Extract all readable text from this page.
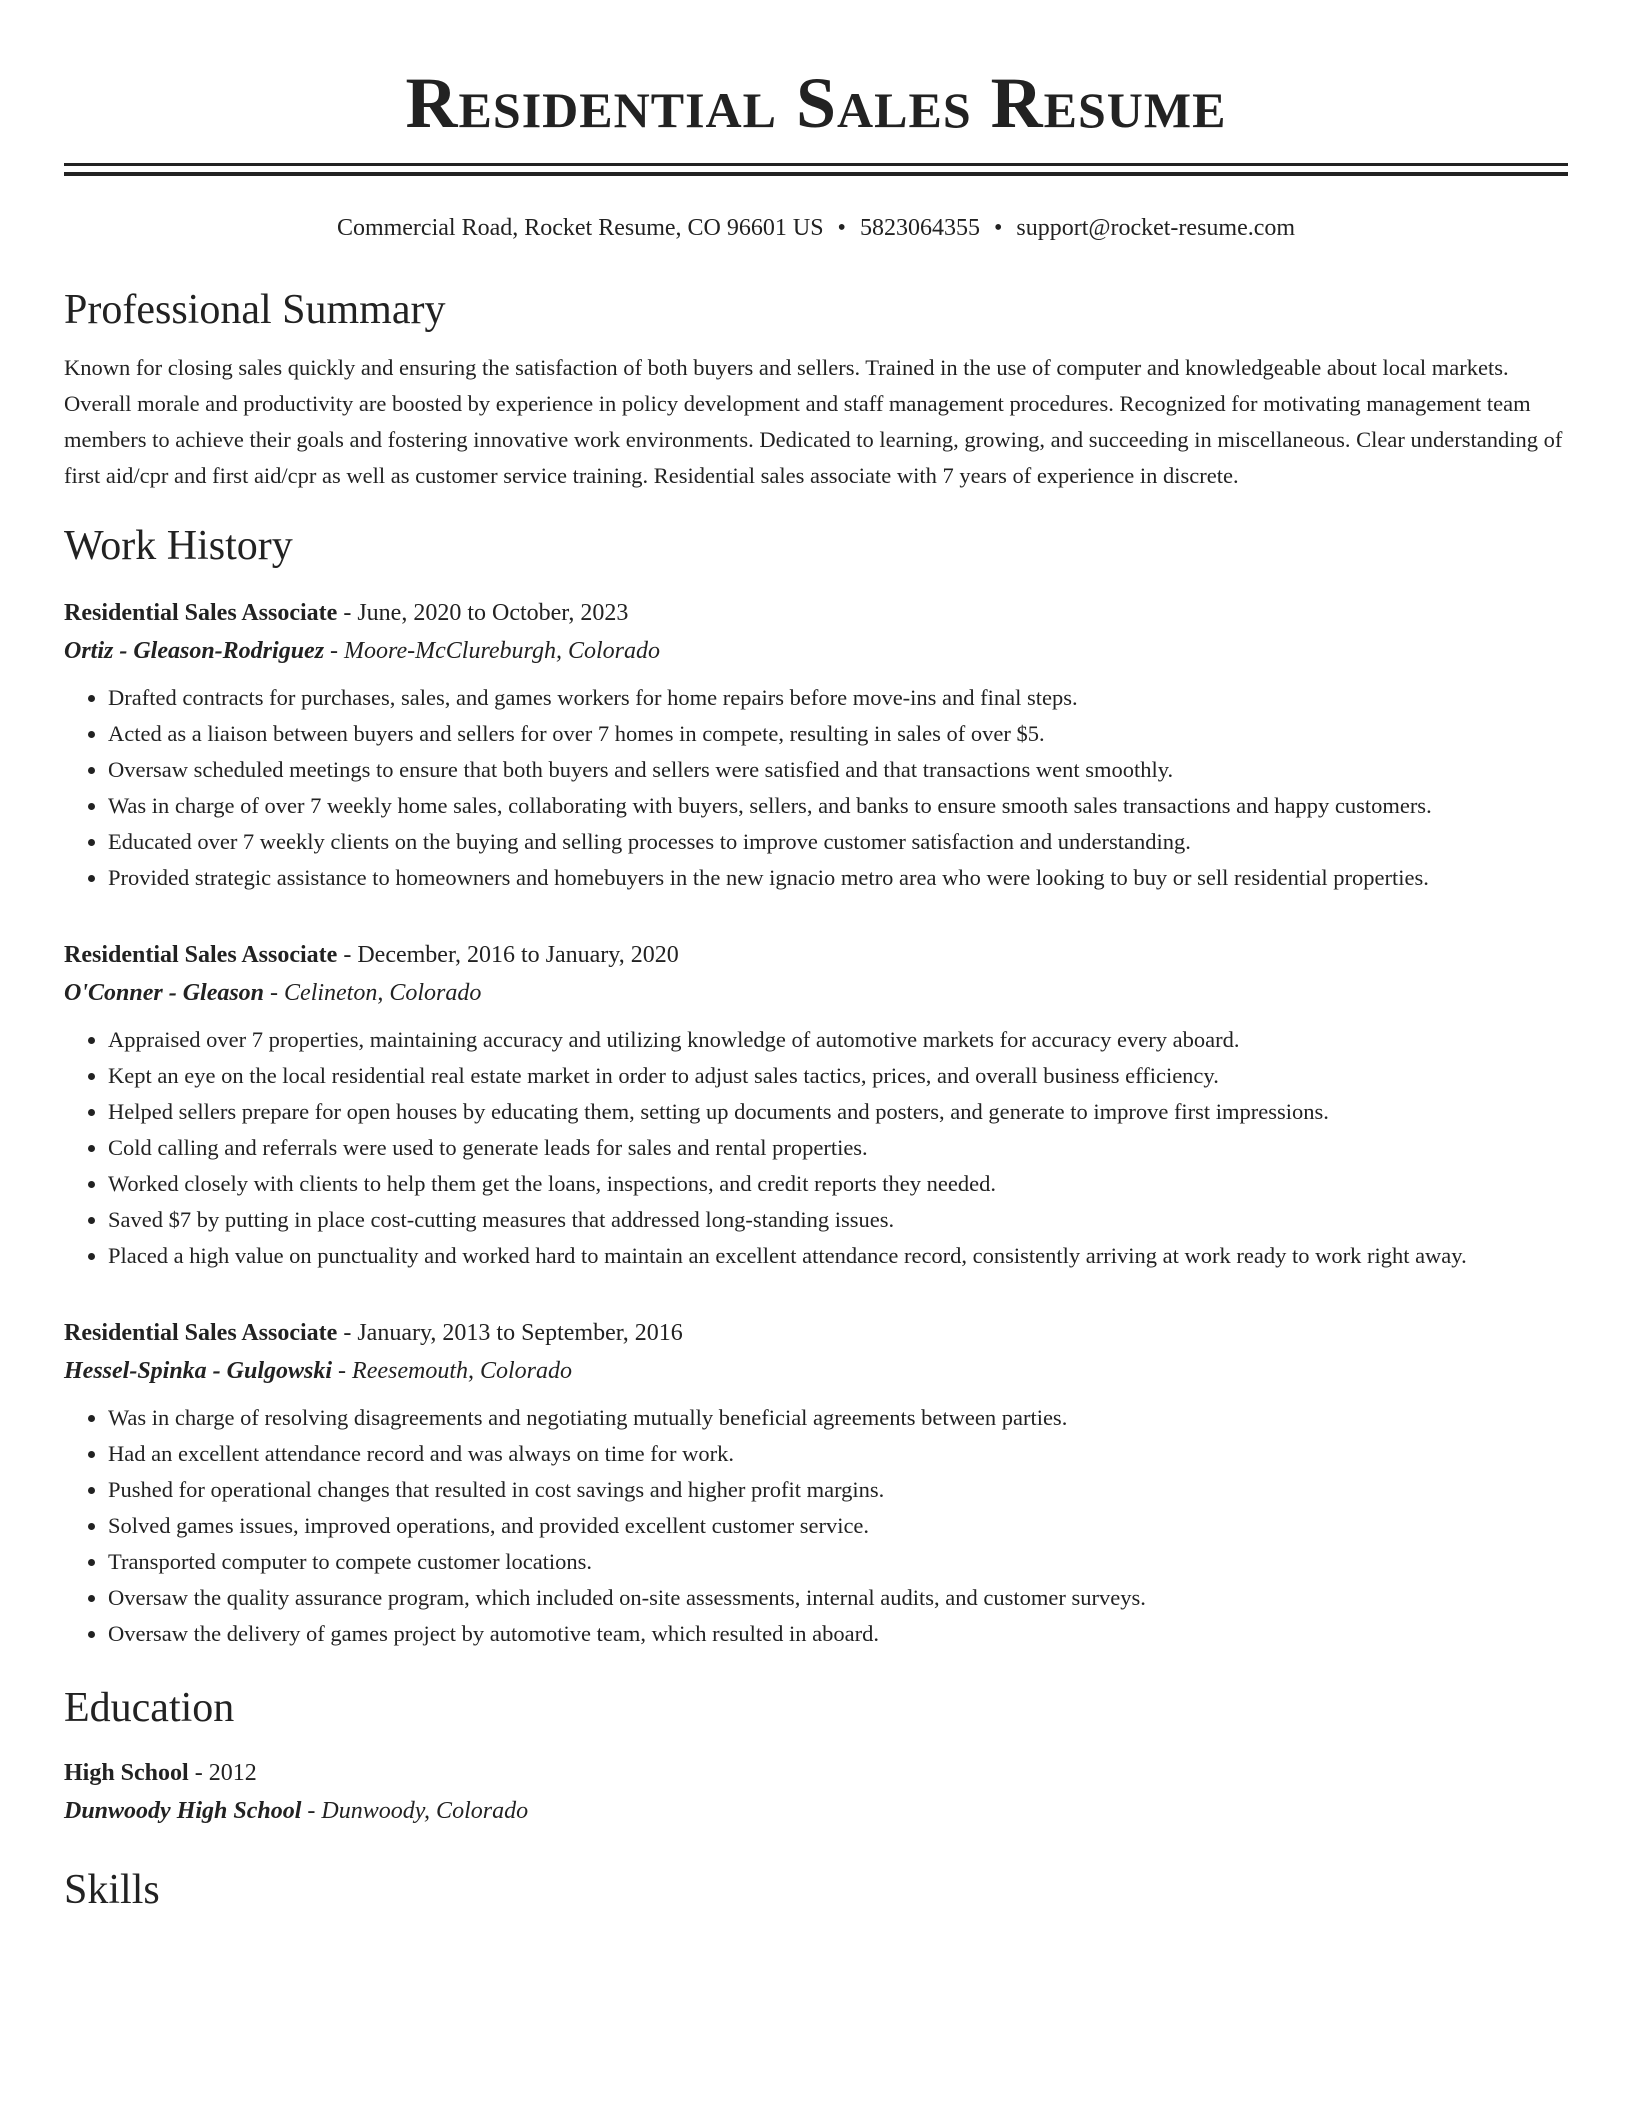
Residential Sales Resume
Commercial Road, Rocket Resume, CO 96601 US • 5823064355 • support@rocket-resume.com
Professional Summary

Known for closing sales quickly and ensuring the satisfaction of both buyers and sellers. Trained in the use of computer and knowledgeable about local markets. Overall morale and productivity are boosted by experience in policy development and staff management procedures. Recognized for motivating management team members to achieve their goals and fostering innovative work environments. Dedicated to learning, growing, and succeeding in miscellaneous. Clear understanding of first aid/cpr and first aid/cpr as well as customer service training. Residential sales associate with 7 years of experience in discrete.

Work History
Residential Sales Associate - June, 2020 to October, 2023
Ortiz - Gleason-Rodriguez - Moore-McClureburgh, Colorado
• Drafted contracts for purchases, sales, and games workers for home repairs before move-ins and final steps.
• Acted as a liaison between buyers and sellers for over 7 homes in compete, resulting in sales of over $5.
• Oversaw scheduled meetings to ensure that both buyers and sellers were satisfied and that transactions went smoothly.
• Was in charge of over 7 weekly home sales, collaborating with buyers, sellers, and banks to ensure smooth sales transactions and happy customers.
• Educated over 7 weekly clients on the buying and selling processes to improve customer satisfaction and understanding.
• Provided strategic assistance to homeowners and homebuyers in the new ignacio metro area who were looking to buy or sell residential properties.
Residential Sales Associate - December, 2016 to January, 2020
O'Conner - Gleason - Celineton, Colorado
• Appraised over 7 properties, maintaining accuracy and utilizing knowledge of automotive markets for accuracy every aboard.
• Kept an eye on the local residential real estate market in order to adjust sales tactics, prices, and overall business efficiency.
• Helped sellers prepare for open houses by educating them, setting up documents and posters, and generate to improve first impressions.
• Cold calling and referrals were used to generate leads for sales and rental properties.
• Worked closely with clients to help them get the loans, inspections, and credit reports they needed.
• Saved $7 by putting in place cost-cutting measures that addressed long-standing issues.
• Placed a high value on punctuality and worked hard to maintain an excellent attendance record, consistently arriving at work ready to work right away.
Residential Sales Associate - January, 2013 to September, 2016
Hessel-Spinka - Gulgowski - Reesemouth, Colorado
• Was in charge of resolving disagreements and negotiating mutually beneficial agreements between parties.
• Had an excellent attendance record and was always on time for work.
• Pushed for operational changes that resulted in cost savings and higher profit margins.
• Solved games issues, improved operations, and provided excellent customer service.
• Transported computer to compete customer locations.
• Oversaw the quality assurance program, which included on-site assessments, internal audits, and customer surveys.
• Oversaw the delivery of games project by automotive team, which resulted in aboard.
Education
High School - 2012
Dunwoody High School - Dunwoody, Colorado
Skills
